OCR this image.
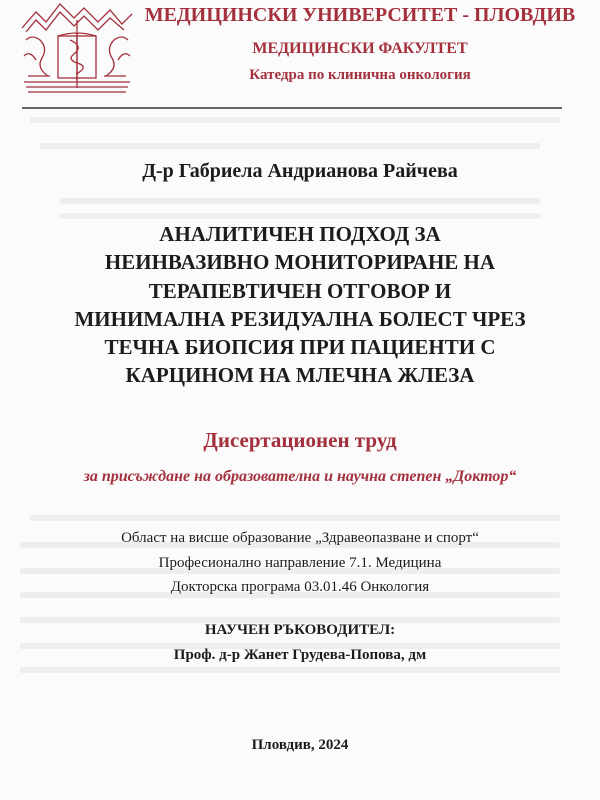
МЕДИЦИНСКИ УНИВЕРСИТЕТ - ПЛОВДИВ
МЕДИЦИНСКИ ФАКУЛТЕТ
Катедра по клинична онкология
Д-р Габриела Андрианова Райчева
АНАЛИТИЧЕН ПОДХОД ЗА
НЕИНВАЗИВНО МОНИТОРИРАНЕ НА
ТЕРАПЕВТИЧЕН ОТГОВОР И
МИНИМАЛНА РЕЗИДУАЛНА БОЛЕСТ ЧРЕЗ
ТЕЧНА БИОПСИЯ ПРИ ПАЦИЕНТИ С
КАРЦИНОМ НА МЛЕЧНА ЖЛЕЗА
Дисертационен труд
за присъждане на образователна и научна степен „Доктор“
Област на висше образование „Здравеопазване и спорт“
Професионално направление 7.1. Медицина
Докторска програма 03.01.46 Онкология
НАУЧЕН РЪКОВОДИТЕЛ:
Проф. д-р Жанет Грудева-Попова, дм
Пловдив, 2024
